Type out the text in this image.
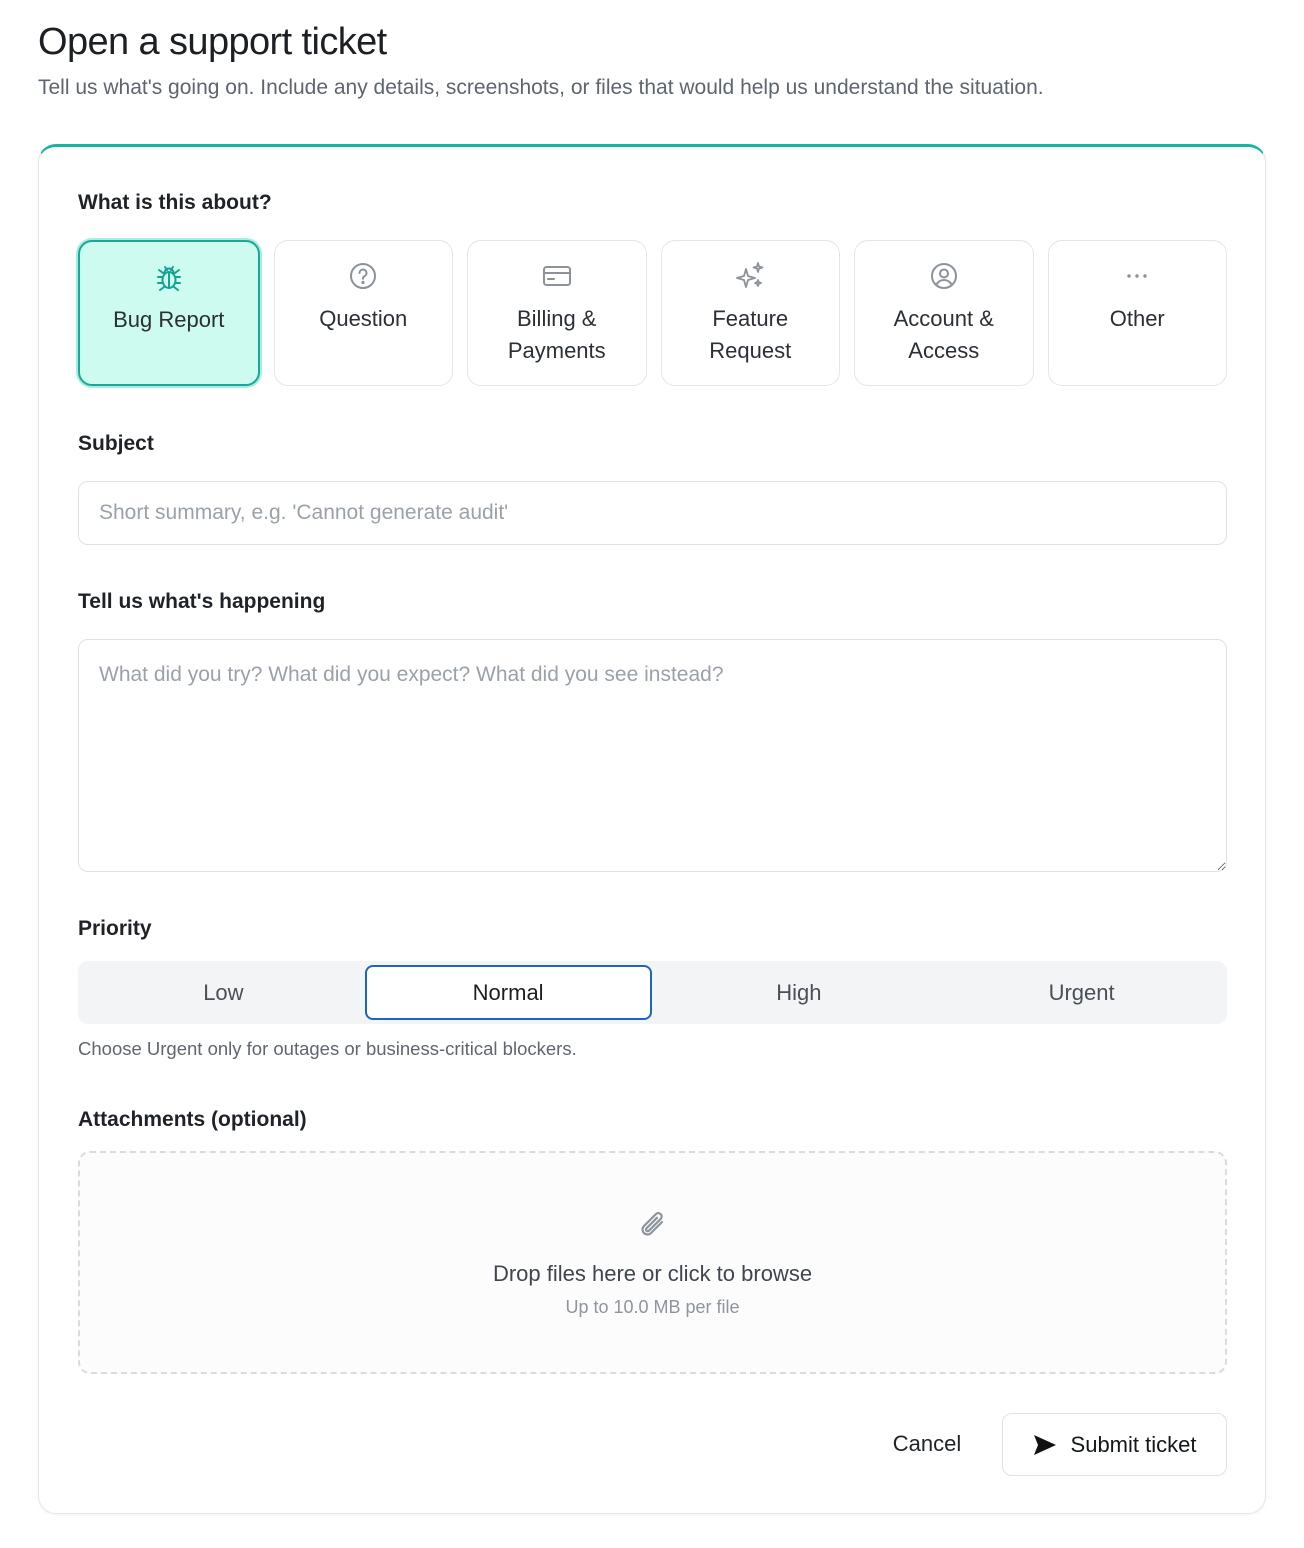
Open a support ticket

Tell us what's going on. Include any details, screenshots, or files that would help us understand the situation.

What is this about?

Bug Report	Question	Billing & Payments
Feature Request
Account & Access
Other

Subject

Short summary, e.g. 'Cannot generate audit'

Tell us what's happening

What did you try? What did you expect? What did you see instead?

Priority

Low	Normal	High	Urgent

Choose Urgent only for outages or business-critical blockers.

Attachments (optional)

Drop files here or click to browse
Up to 10.0 MB per file
Cancel	Submit ticket
